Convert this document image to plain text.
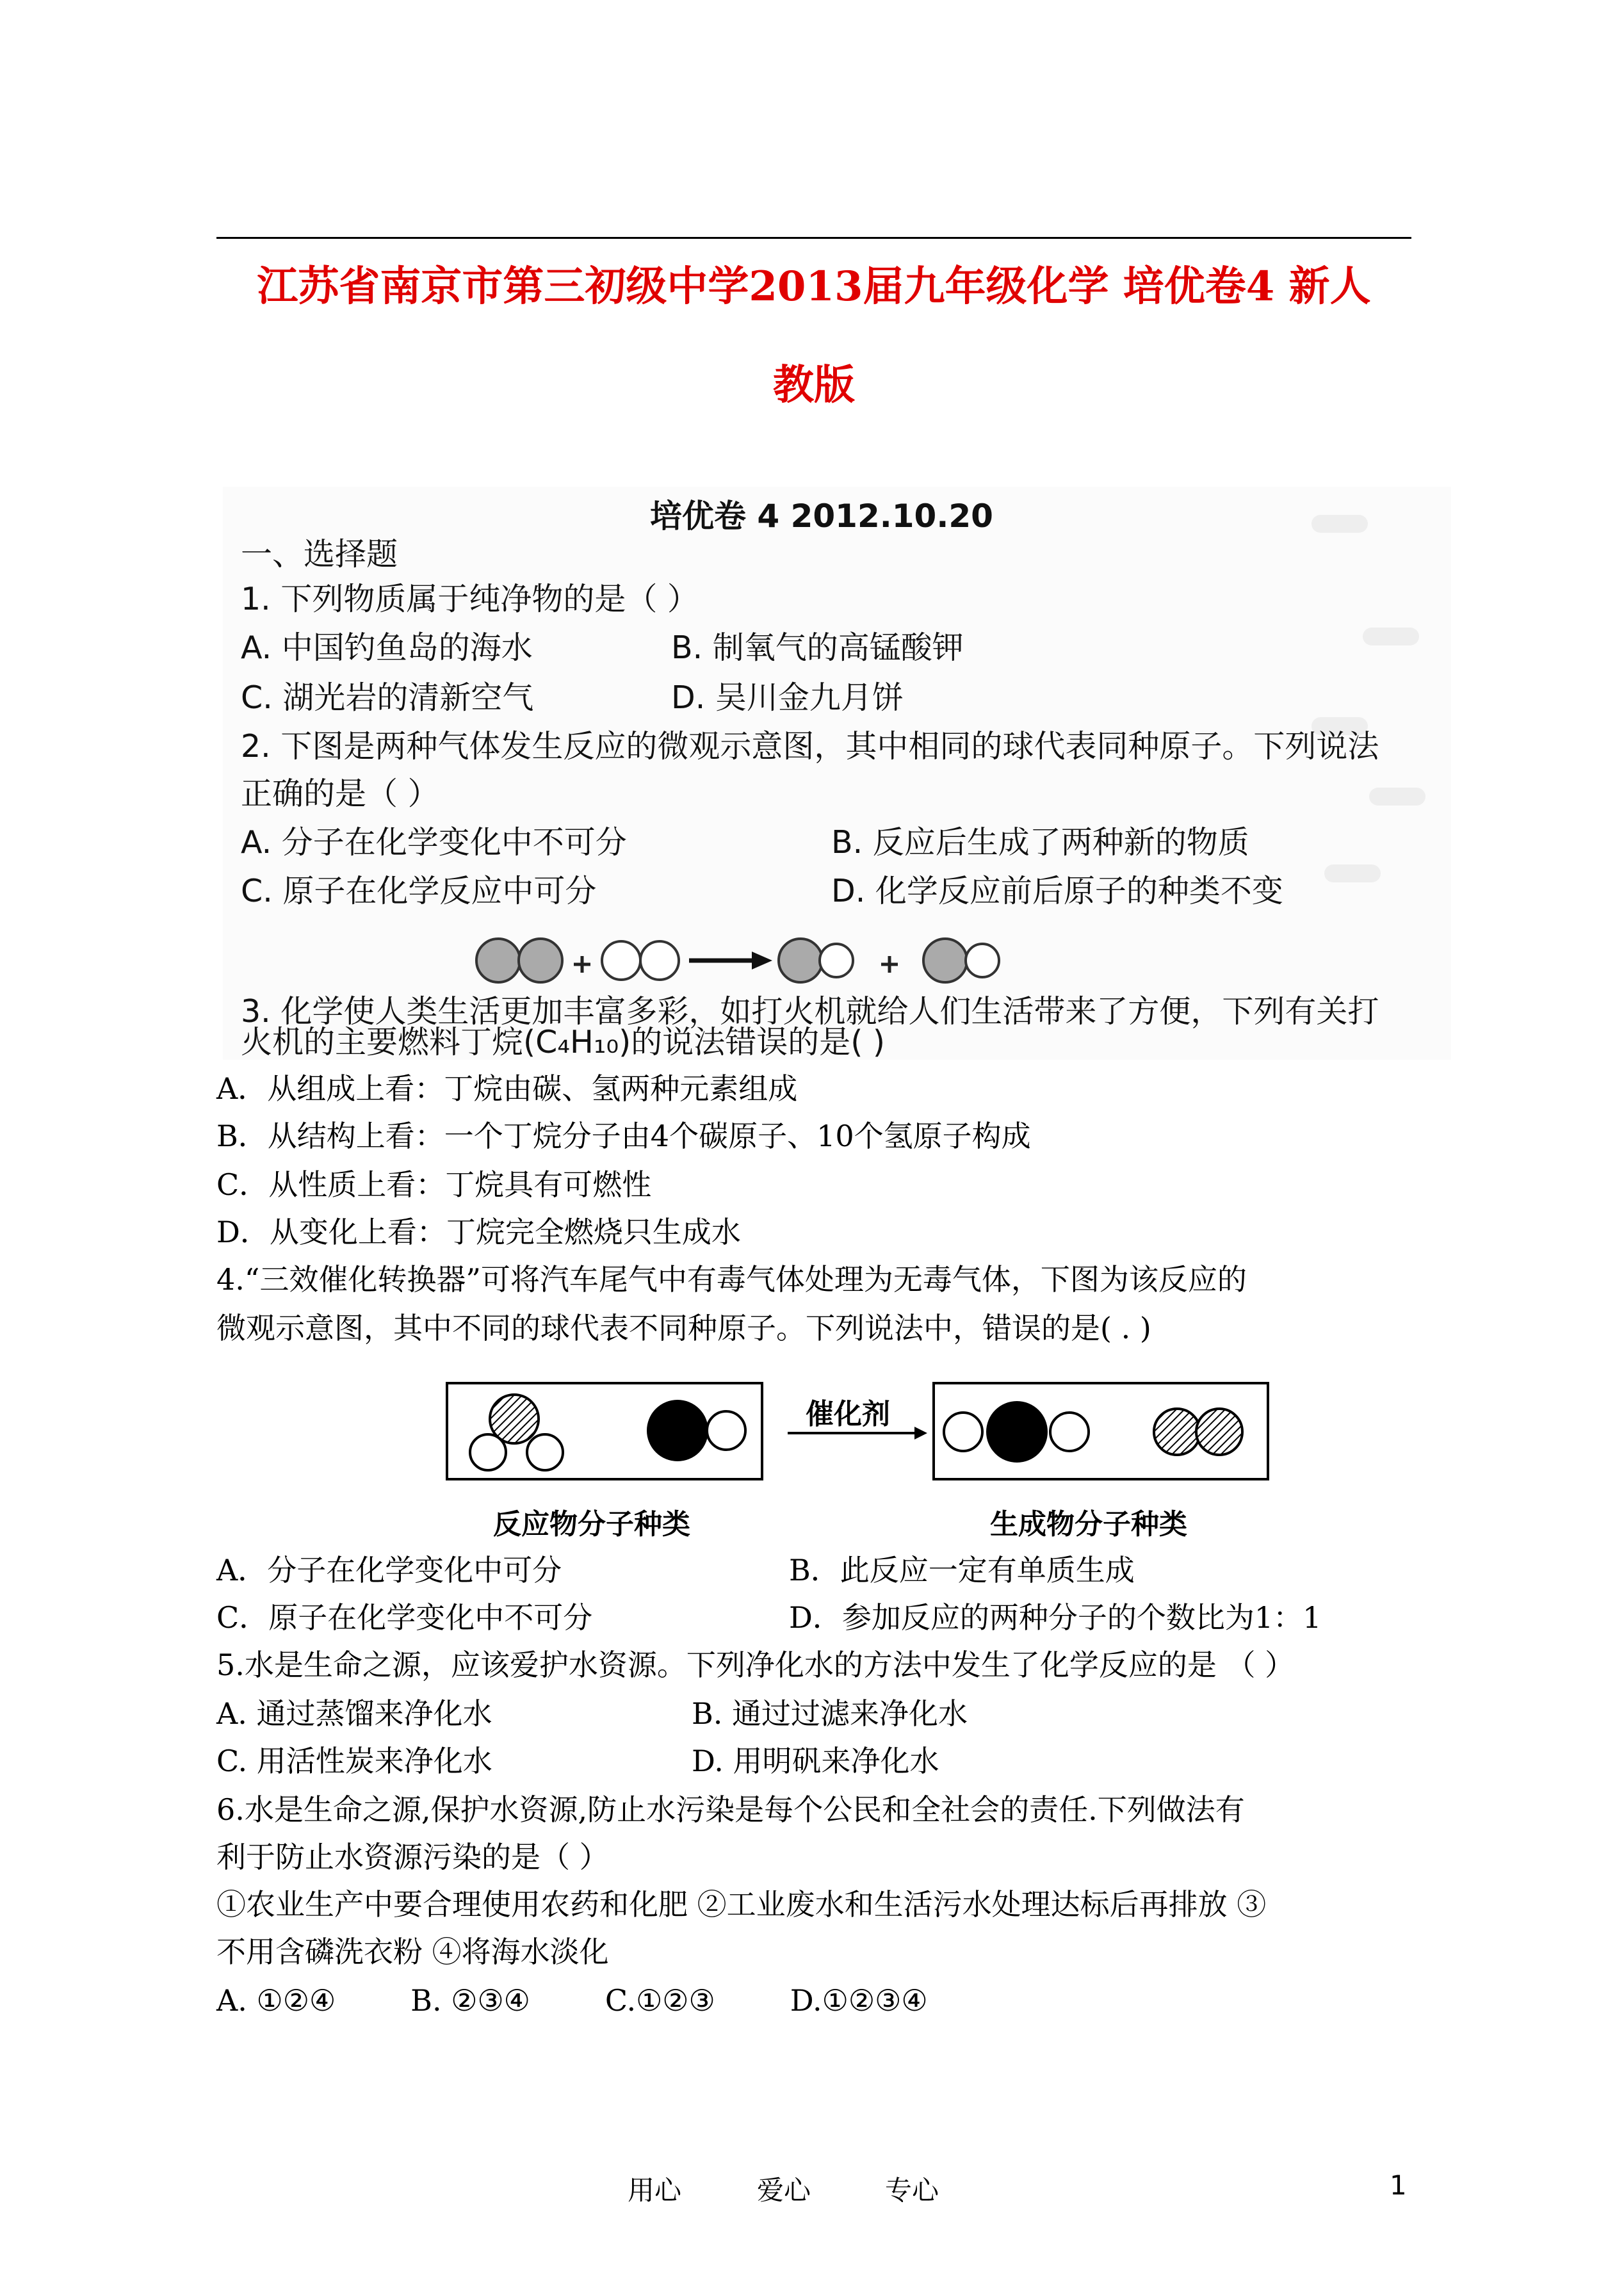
江苏省南京市第三初级中学2013届九年级化学 培优卷4 新人
教版
培优卷 4 2012.10.20
一、选择题
1. 下列物质属于纯净物的是（ ）
A. 中国钓鱼岛的海水	B. 制氧气的高锰酸钾
C. 湖光岩的清新空气	D. 吴川金九月饼
2. 下图是两种气体发生反应的微观示意图，其中相同的球代表同种原子。下列说法
正确的是（ ）
A. 分子在化学变化中不可分	B. 反应后生成了两种新的物质
C. 原子在化学反应中可分	D. 化学反应前后原子的种类不变
3. 化学使人类生活更加丰富多彩，如打火机就给人们生活带来了方便，下列有关打
火机的主要燃料丁烷(C₄H₁₀)的说法错误的是( )
A．从组成上看：丁烷由碳、氢两种元素组成
B．从结构上看：一个丁烷分子由4个碳原子、10个氢原子构成
C．从性质上看：丁烷具有可燃性
D．从变化上看：丁烷完全燃烧只生成水
4.“三效催化转换器”可将汽车尾气中有毒气体处理为无毒气体，下图为该反应的
微观示意图，其中不同的球代表不同种原子。下列说法中，错误的是( . )
A．分子在化学变化中可分	B．此反应一定有单质生成
C．原子在化学变化中不可分	D．参加反应的两种分子的个数比为1：1
5.水是生命之源，应该爱护水资源。下列净化水的方法中发生了化学反应的是 （ ）
A. 通过蒸馏来净化水	B. 通过过滤来净化水
C. 用活性炭来净化水	D. 用明矾来净化水
6.水是生命之源,保护水资源,防止水污染是每个公民和全社会的责任.下列做法有
利于防止水资源污染的是（ ）
①农业生产中要合理使用农药和化肥 ②工业废水和生活污水处理达标后再排放 ③
不用含磷洗衣粉 ④将海水淡化
A. ①②④        B. ②③④        C.①②③        D.①②③④
催化剂
反应物分子种类	生成物分子种类
用心	爱心	专心	1
